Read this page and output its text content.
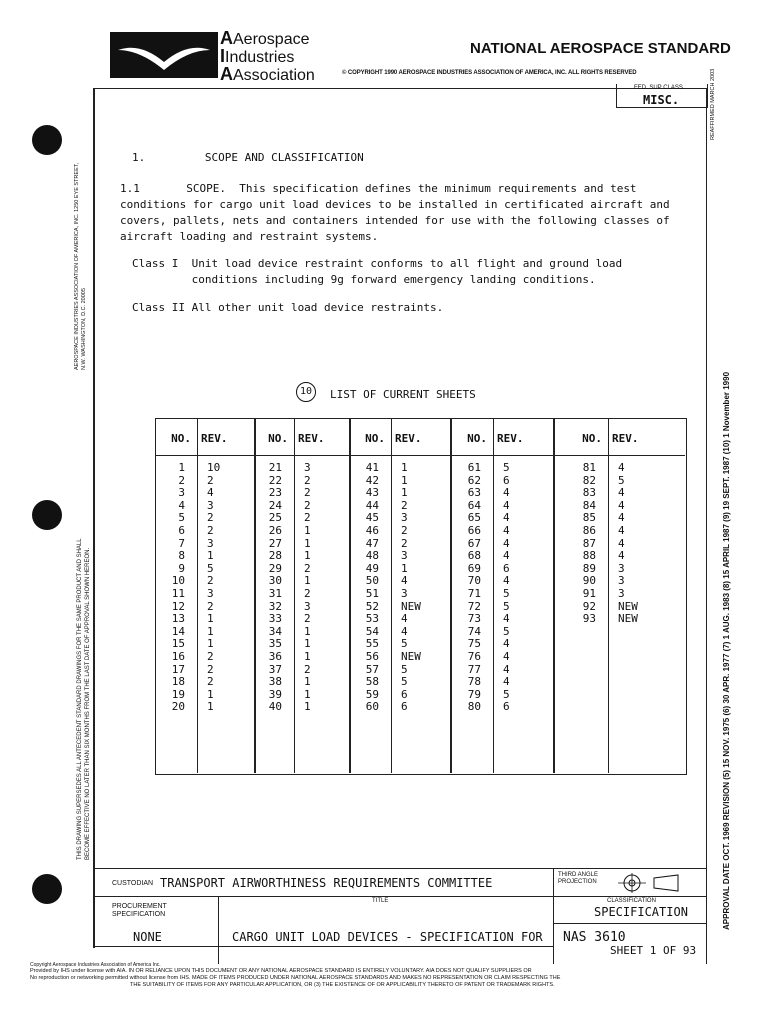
AAerospace
IIndustries
AAssociation
NATIONAL AEROSPACE STANDARD
© COPYRIGHT 1990 AEROSPACE INDUSTRIES ASSOCIATION OF AMERICA, INC. ALL RIGHTS RESERVED
FED. SUP CLASS
MISC.
AEROSPACE INDUSTRIES ASSOCIATION OF AMERICA, INC. 1250 EYE STREET, N.W. WASHINGTON, D.C. 20005
THIS DRAWING SUPERSEDES ALL ANTECEDENT STANDARD DRAWINGS FOR THE SAME PRODUCT AND SHALL BECOME EFFECTIVE NO LATER THAN SIX MONTHS FROM THE LAST DATE OF APPROVAL SHOWN HEREON.
REAFFIRMED MARCH 2003
APPROVAL DATE OCT. 1969 REVISION (5) 15 NOV. 1975 (6) 30 APR. 1977 (7) 1 AUG. 1983 (8) 15 APRIL 1987 (9) 19 SEPT. 1987 (10) 1 November 1990
1.         SCOPE AND CLASSIFICATION
1.1       SCOPE.  This specification defines the minimum requirements and test
conditions for cargo unit load devices to be installed in certificated aircraft and
covers, pallets, nets and containers intended for use with the following classes of
aircraft loading and restraint systems.
Class I  Unit load device restraint conforms to all flight and ground load
conditions including 9g forward emergency landing conditions.
Class II All other unit load device restraints.
10	LIST OF CURRENT SHEETS
NO. REV.
1 10
2 2
3 4
4 3
5 2
6 2
7 3
8 1
9 5
10 2
11 3
12 2
13 1
14 1
15 1
16 2
17 2
18 2
19 1
20 1
NO. REV.
21 3
22 2
23 2
24 2
25 2
26 1
27 1
28 1
29 2
30 1
31 2
32 3
33 2
34 1
35 1
36 1
37 2
38 1
39 1
40 1
NO. REV.
41 1
42 1
43 1
44 2
45 3
46 2
47 2
48 3
49 1
50 4
51 3
52 NEW
53 4
54 4
55 5
56 NEW
57 5
58 5
59 6
60 6
NO. REV.
61 5
62 6
63 4
64 4
65 4
66 4
67 4
68 4
69 6
70 4
71 5
72 5
73 4
74 5
75 4
76 4
77 4
78 4
79 5
80 6
NO. REV.
81 4
82 5
83 4
84 4
85 4
86 4
87 4
88 4
89 3
90 3
91 3
92 NEW
93 NEW
CUSTODIAN TRANSPORT AIRWORTHINESS REQUIREMENTS COMMITTEE
THIRD ANGLE PROJECTION
PROCUREMENT SPECIFICATION
NONE
TITLE
CARGO UNIT LOAD DEVICES - SPECIFICATION FOR
CLASSIFICATION
SPECIFICATION
NAS 3610
SHEET 1 OF 93
Copyright Aerospace Industries Association of America Inc.
Provided by IHS under license with AIA. IN OR RELIANCE UPON THIS DOCUMENT OR ANY NATIONAL AEROSPACE STANDARD IS ENTIRELY VOLUNTARY. AIA DOES NOT QUALIFY SUPPLIERS OR
No reproduction or networking permitted without license from IHS. MADE OF ITEMS PRODUCED UNDER NATIONAL AEROSPACE STANDARDS AND MAKES NO REPRESENTATION OR CLAIM RESPECTING THE
THE SUITABILITY OF ITEMS FOR ANY PARTICULAR APPLICATION, OR (3) THE EXISTENCE OF OR APPLICABILITY THERETO OF PATENT OR TRADEMARK RIGHTS.
